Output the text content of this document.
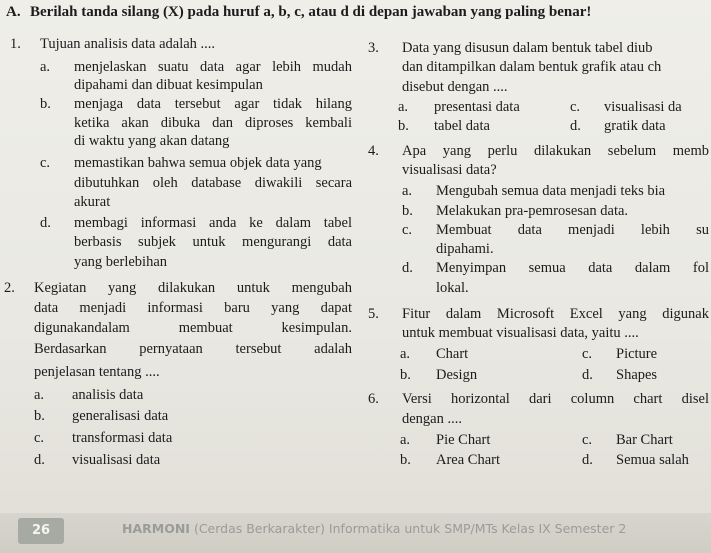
A. Berilah tanda silang (X) pada huruf a, b, c, atau d di depan jawaban yang paling benar!
1. Tujuan analisis data adalah ....
a. menjelaskan suatu data agar lebih mudah
dipahami dan dibuat kesimpulan
b. menjaga data tersebut agar tidak hilang
ketika akan dibuka dan diproses kembali
di waktu yang akan datang
c. memastikan bahwa semua objek data yang
dibutuhkan oleh database diwakili secara
akurat
d. membagi informasi anda ke dalam tabel
berbasis subjek untuk mengurangi data
yang berlebihan
2. Kegiatan yang dilakukan untuk mengubah
data menjadi informasi baru yang dapat
digunakandalam membuat kesimpulan.
Berdasarkan pernyataan tersebut adalah
penjelasan tentang ....
a. analisis data
b. generalisasi data
c. transformasi data
d. visualisasi data
3. Data yang disusun dalam bentuk tabel diub
dan ditampilkan dalam bentuk grafik atau ch
disebut dengan ....
a. presentasi data	c. visualisasi da
b. tabel data	d. gratik data
4. Apa yang perlu dilakukan sebelum memb
visualisasi data?
a. Mengubah semua data menjadi teks bia
b. Melakukan pra-pemrosesan data.
c. Membuat data menjadi lebih su
dipahami.
d. Menyimpan semua data dalam fol
lokal.
5. Fitur dalam Microsoft Excel yang digunak
untuk membuat visualisasi data, yaitu ....
a. Chart	c. Picture
b. Design	d. Shapes
6. Versi horizontal dari column chart disel
dengan ....
a. Pie Chart	c. Bar Chart
b. Area Chart	d. Semua salah
26	HARMONI (Cerdas Berkarakter) Informatika untuk SMP/MTs Kelas IX Semester 2
